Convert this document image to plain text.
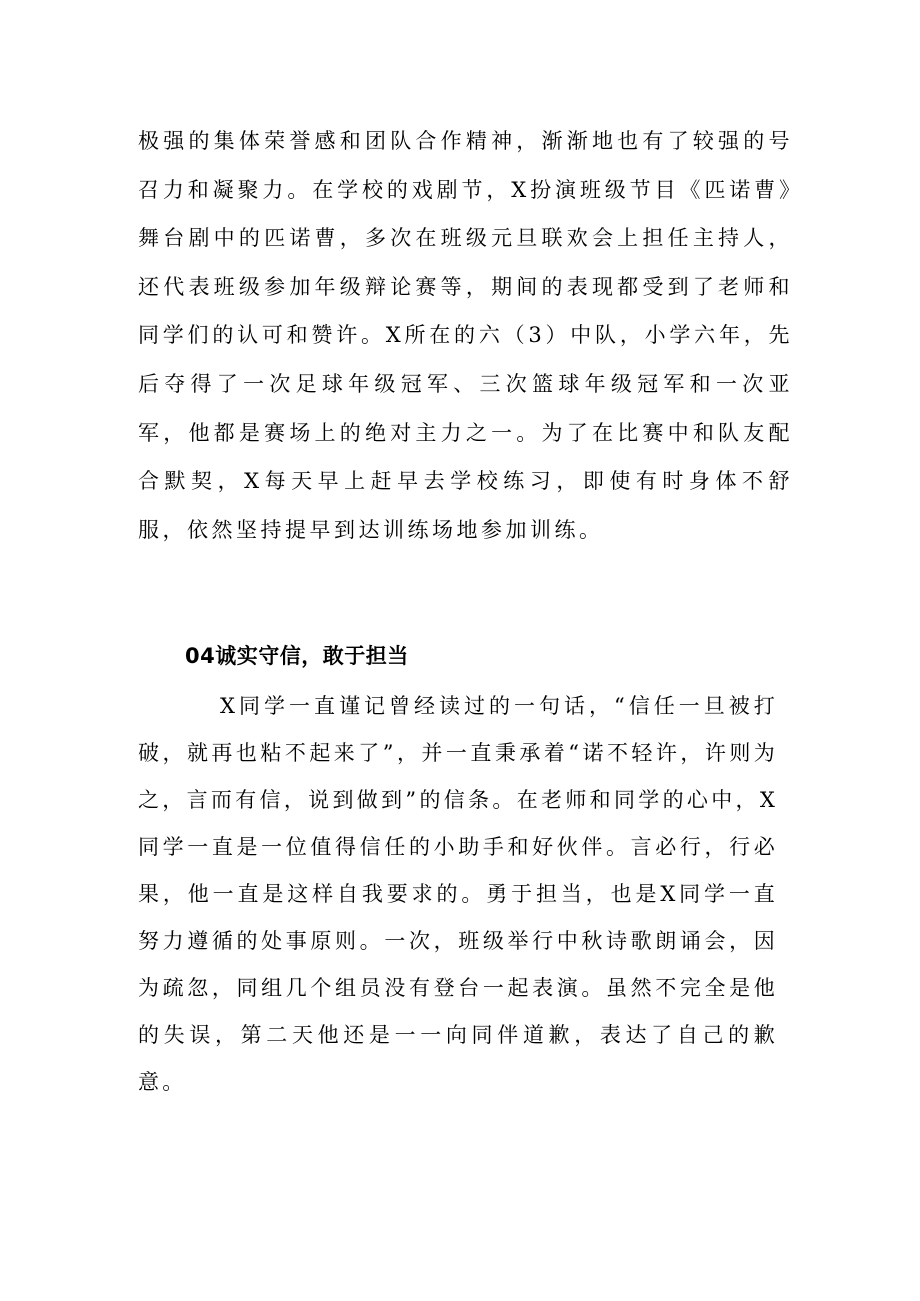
极强的集体荣誉感和团队合作精神，渐渐地也有了较强的号召力和凝聚力。在学校的戏剧节，X扮演班级节目《匹诺曹》舞台剧中的匹诺曹，多次在班级元旦联欢会上担任主持人，还代表班级参加年级辩论赛等，期间的表现都受到了老师和同学们的认可和赞许。X所在的六（3）中队，小学六年，先后夺得了一次足球年级冠军、三次篮球年级冠军和一次亚军，他都是赛场上的绝对主力之一。为了在比赛中和队友配合默契，X每天早上赶早去学校练习，即使有时身体不舒服，依然坚持提早到达训练场地参加训练。

04诚实守信，敢于担当

X同学一直谨记曾经读过的一句话，“信任一旦被打破，就再也粘不起来了”，并一直秉承着“诺不轻许，许则为之，言而有信，说到做到”的信条。在老师和同学的心中，X同学一直是一位值得信任的小助手和好伙伴。言必行，行必果，他一直是这样自我要求的。勇于担当，也是X同学一直努力遵循的处事原则。一次，班级举行中秋诗歌朗诵会，因为疏忽，同组几个组员没有登台一起表演。虽然不完全是他的失误，第二天他还是一一向同伴道歉，表达了自己的歉意。
